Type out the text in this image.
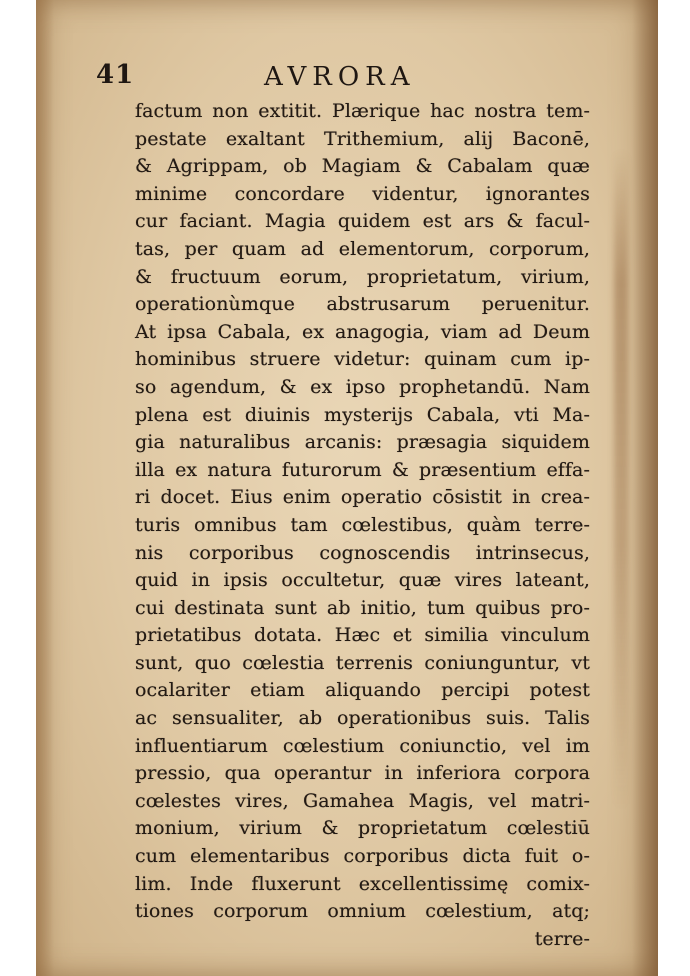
41	AVRORA
factum non extitit. Plærique hac nostra tem-
pestate exaltant Trithemium, alij Baconē,
& Agrippam, ob Magiam & Cabalam quæ
minime concordare videntur, ignorantes
cur faciant. Magia quidem est ars & facul-
tas, per quam ad elementorum, corporum,
& fructuum eorum, proprietatum, virium,
operationùmque abstrusarum peruenitur.
At ipsa Cabala, ex anagogia, viam ad Deum
hominibus struere videtur: quinam cum ip-
so agendum, & ex ipso prophetandū. Nam
plena est diuinis mysterijs Cabala, vti Ma-
gia naturalibus arcanis: præsagia siquidem
illa ex natura futurorum & præsentium effa-
ri docet. Eius enim operatio cōsistit in crea-
turis omnibus tam cœlestibus, quàm terre-
nis corporibus cognoscendis intrinsecus,
quid in ipsis occultetur, quæ vires lateant,
cui destinata sunt ab initio, tum quibus pro-
prietatibus dotata. Hæc et similia vinculum
sunt, quo cœlestia terrenis coniunguntur, vt
ocalariter etiam aliquando percipi potest
ac sensualiter, ab operationibus suis. Talis
influentiarum cœlestium coniunctio, vel im
pressio, qua operantur in inferiora corpora
cœlestes vires, Gamahea Magis, vel matri-
monium, virium & proprietatum cœlestiū
cum elementaribus corporibus dicta fuit o-
lim. Inde fluxerunt excellentissimę comix-
tiones corporum omnium cœlestium, atq;
terre-
